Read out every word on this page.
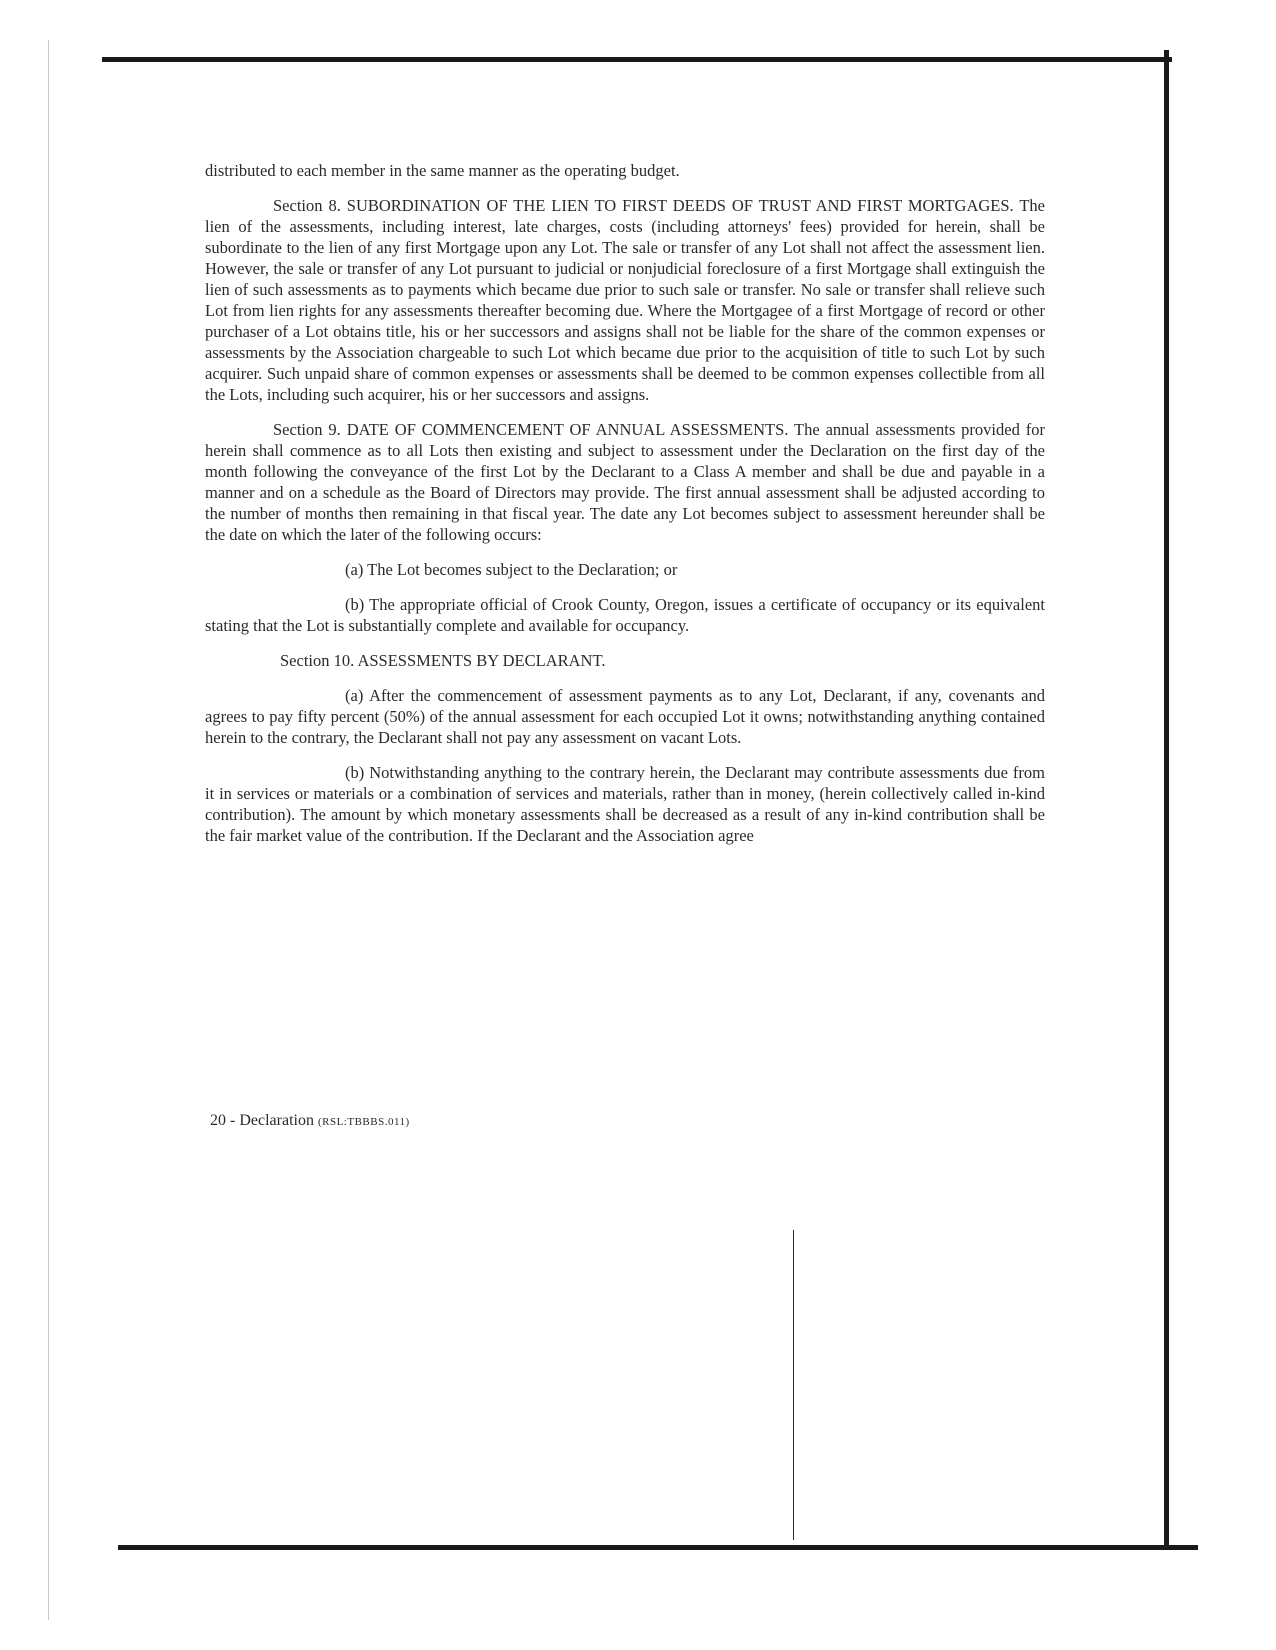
distributed to each member in the same manner as the operating budget.

Section 8. SUBORDINATION OF THE LIEN TO FIRST DEEDS OF TRUST AND FIRST MORTGAGES. The lien of the assessments, including interest, late charges, costs (including attorneys' fees) provided for herein, shall be subordinate to the lien of any first Mortgage upon any Lot. The sale or transfer of any Lot shall not affect the assessment lien. However, the sale or transfer of any Lot pursuant to judicial or nonjudicial foreclosure of a first Mortgage shall extinguish the lien of such assessments as to payments which became due prior to such sale or transfer. No sale or transfer shall relieve such Lot from lien rights for any assessments thereafter becoming due. Where the Mortgagee of a first Mortgage of record or other purchaser of a Lot obtains title, his or her successors and assigns shall not be liable for the share of the common expenses or assessments by the Association chargeable to such Lot which became due prior to the acquisition of title to such Lot by such acquirer. Such unpaid share of common expenses or assessments shall be deemed to be common expenses collectible from all the Lots, including such acquirer, his or her successors and assigns.

Section 9. DATE OF COMMENCEMENT OF ANNUAL ASSESSMENTS. The annual assessments provided for herein shall commence as to all Lots then existing and subject to assessment under the Declaration on the first day of the month following the conveyance of the first Lot by the Declarant to a Class A member and shall be due and payable in a manner and on a schedule as the Board of Directors may provide. The first annual assessment shall be adjusted according to the number of months then remaining in that fiscal year. The date any Lot becomes subject to assessment hereunder shall be the date on which the later of the following occurs:

(a) The Lot becomes subject to the Declaration; or

(b) The appropriate official of Crook County, Oregon, issues a certificate of occupancy or its equivalent stating that the Lot is substantially complete and available for occupancy.

Section 10. ASSESSMENTS BY DECLARANT.

(a) After the commencement of assessment payments as to any Lot, Declarant, if any, covenants and agrees to pay fifty percent (50%) of the annual assessment for each occupied Lot it owns; notwithstanding anything contained herein to the contrary, the Declarant shall not pay any assessment on vacant Lots.

(b) Notwithstanding anything to the contrary herein, the Declarant may contribute assessments due from it in services or materials or a combination of services and materials, rather than in money, (herein collectively called in-kind contribution). The amount by which monetary assessments shall be decreased as a result of any in-kind contribution shall be the fair market value of the contribution. If the Declarant and the Association agree

20 - Declaration (RSL:TBBBS.011)
